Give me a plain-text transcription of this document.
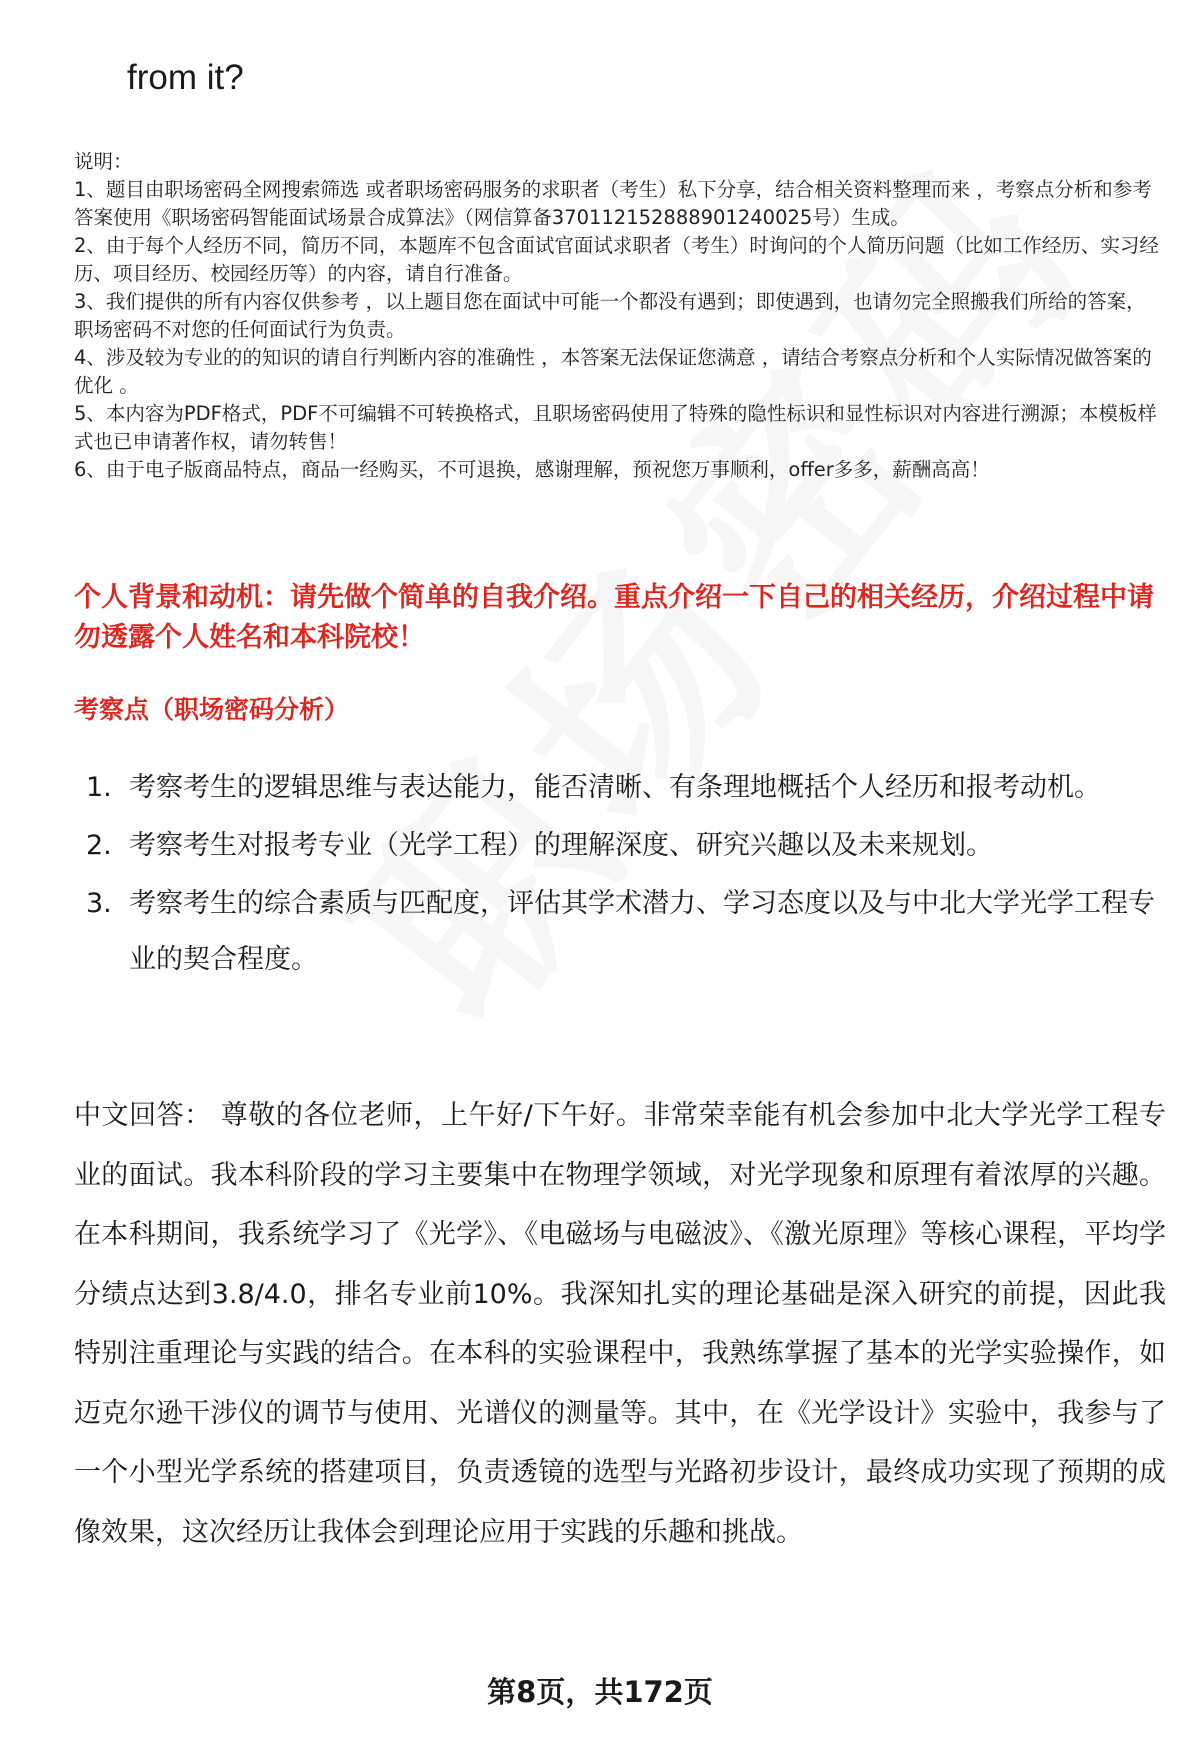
from it?

说明：

1、题目由职场密码全网搜索筛选 或者职场密码服务的求职者（考生）私下分享，结合相关资料整理而来 ，考察点分析和参考答案使用《职场密码智能面试场景合成算法》（网信算备370112152888901240025号）生成。

2、由于每个人经历不同，简历不同，本题库不包含面试官面试求职者（考生）时询问的个人简历问题（比如工作经历、实习经历、项目经历、校园经历等）的内容，请自行准备。

3、我们提供的所有内容仅供参考 ，以上题目您在面试中可能一个都没有遇到；即使遇到，也请勿完全照搬我们所给的答案，职场密码不对您的任何面试行为负责。

4、涉及较为专业的的知识的请自行判断内容的准确性 ，本答案无法保证您满意 ，请结合考察点分析和个人实际情况做答案的优化 。

5、本内容为PDF格式，PDF不可编辑不可转换格式，且职场密码使用了特殊的隐性标识和显性标识对内容进行溯源；本模板样式也已申请著作权，请勿转售！

6、由于电子版商品特点，商品一经购买，不可退换，感谢理解，预祝您万事顺利，offer多多，薪酬高高！

个人背景和动机：请先做个简单的自我介绍。重点介绍一下自己的相关经历，介绍过程中请勿透露个人姓名和本科院校！

考察点（职场密码分析）

1. 考察考生的逻辑思维与表达能力，能否清晰、有条理地概括个人经历和报考动机。
2. 考察考生对报考专业（光学工程）的理解深度、研究兴趣以及未来规划。
3. 考察考生的综合素质与匹配度，评估其学术潜力、学习态度以及与中北大学光学工程专业的契合程度。

中文回答： 尊敬的各位老师，上午好/下午好。非常荣幸能有机会参加中北大学光学工程专业的面试。我本科阶段的学习主要集中在物理学领域，对光学现象和原理有着浓厚的兴趣。在本科期间，我系统学习了《光学》、《电磁场与电磁波》、《激光原理》等核心课程，平均学分绩点达到3.8/4.0，排名专业前10%。我深知扎实的理论基础是深入研究的前提，因此我特别注重理论与实践的结合。在本科的实验课程中，我熟练掌握了基本的光学实验操作，如迈克尔逊干涉仪的调节与使用、光谱仪的测量等。其中，在《光学设计》实验中，我参与了一个小型光学系统的搭建项目，负责透镜的选型与光路初步设计，最终成功实现了预期的成像效果，这次经历让我体会到理论应用于实践的乐趣和挑战。

第8页，共172页
